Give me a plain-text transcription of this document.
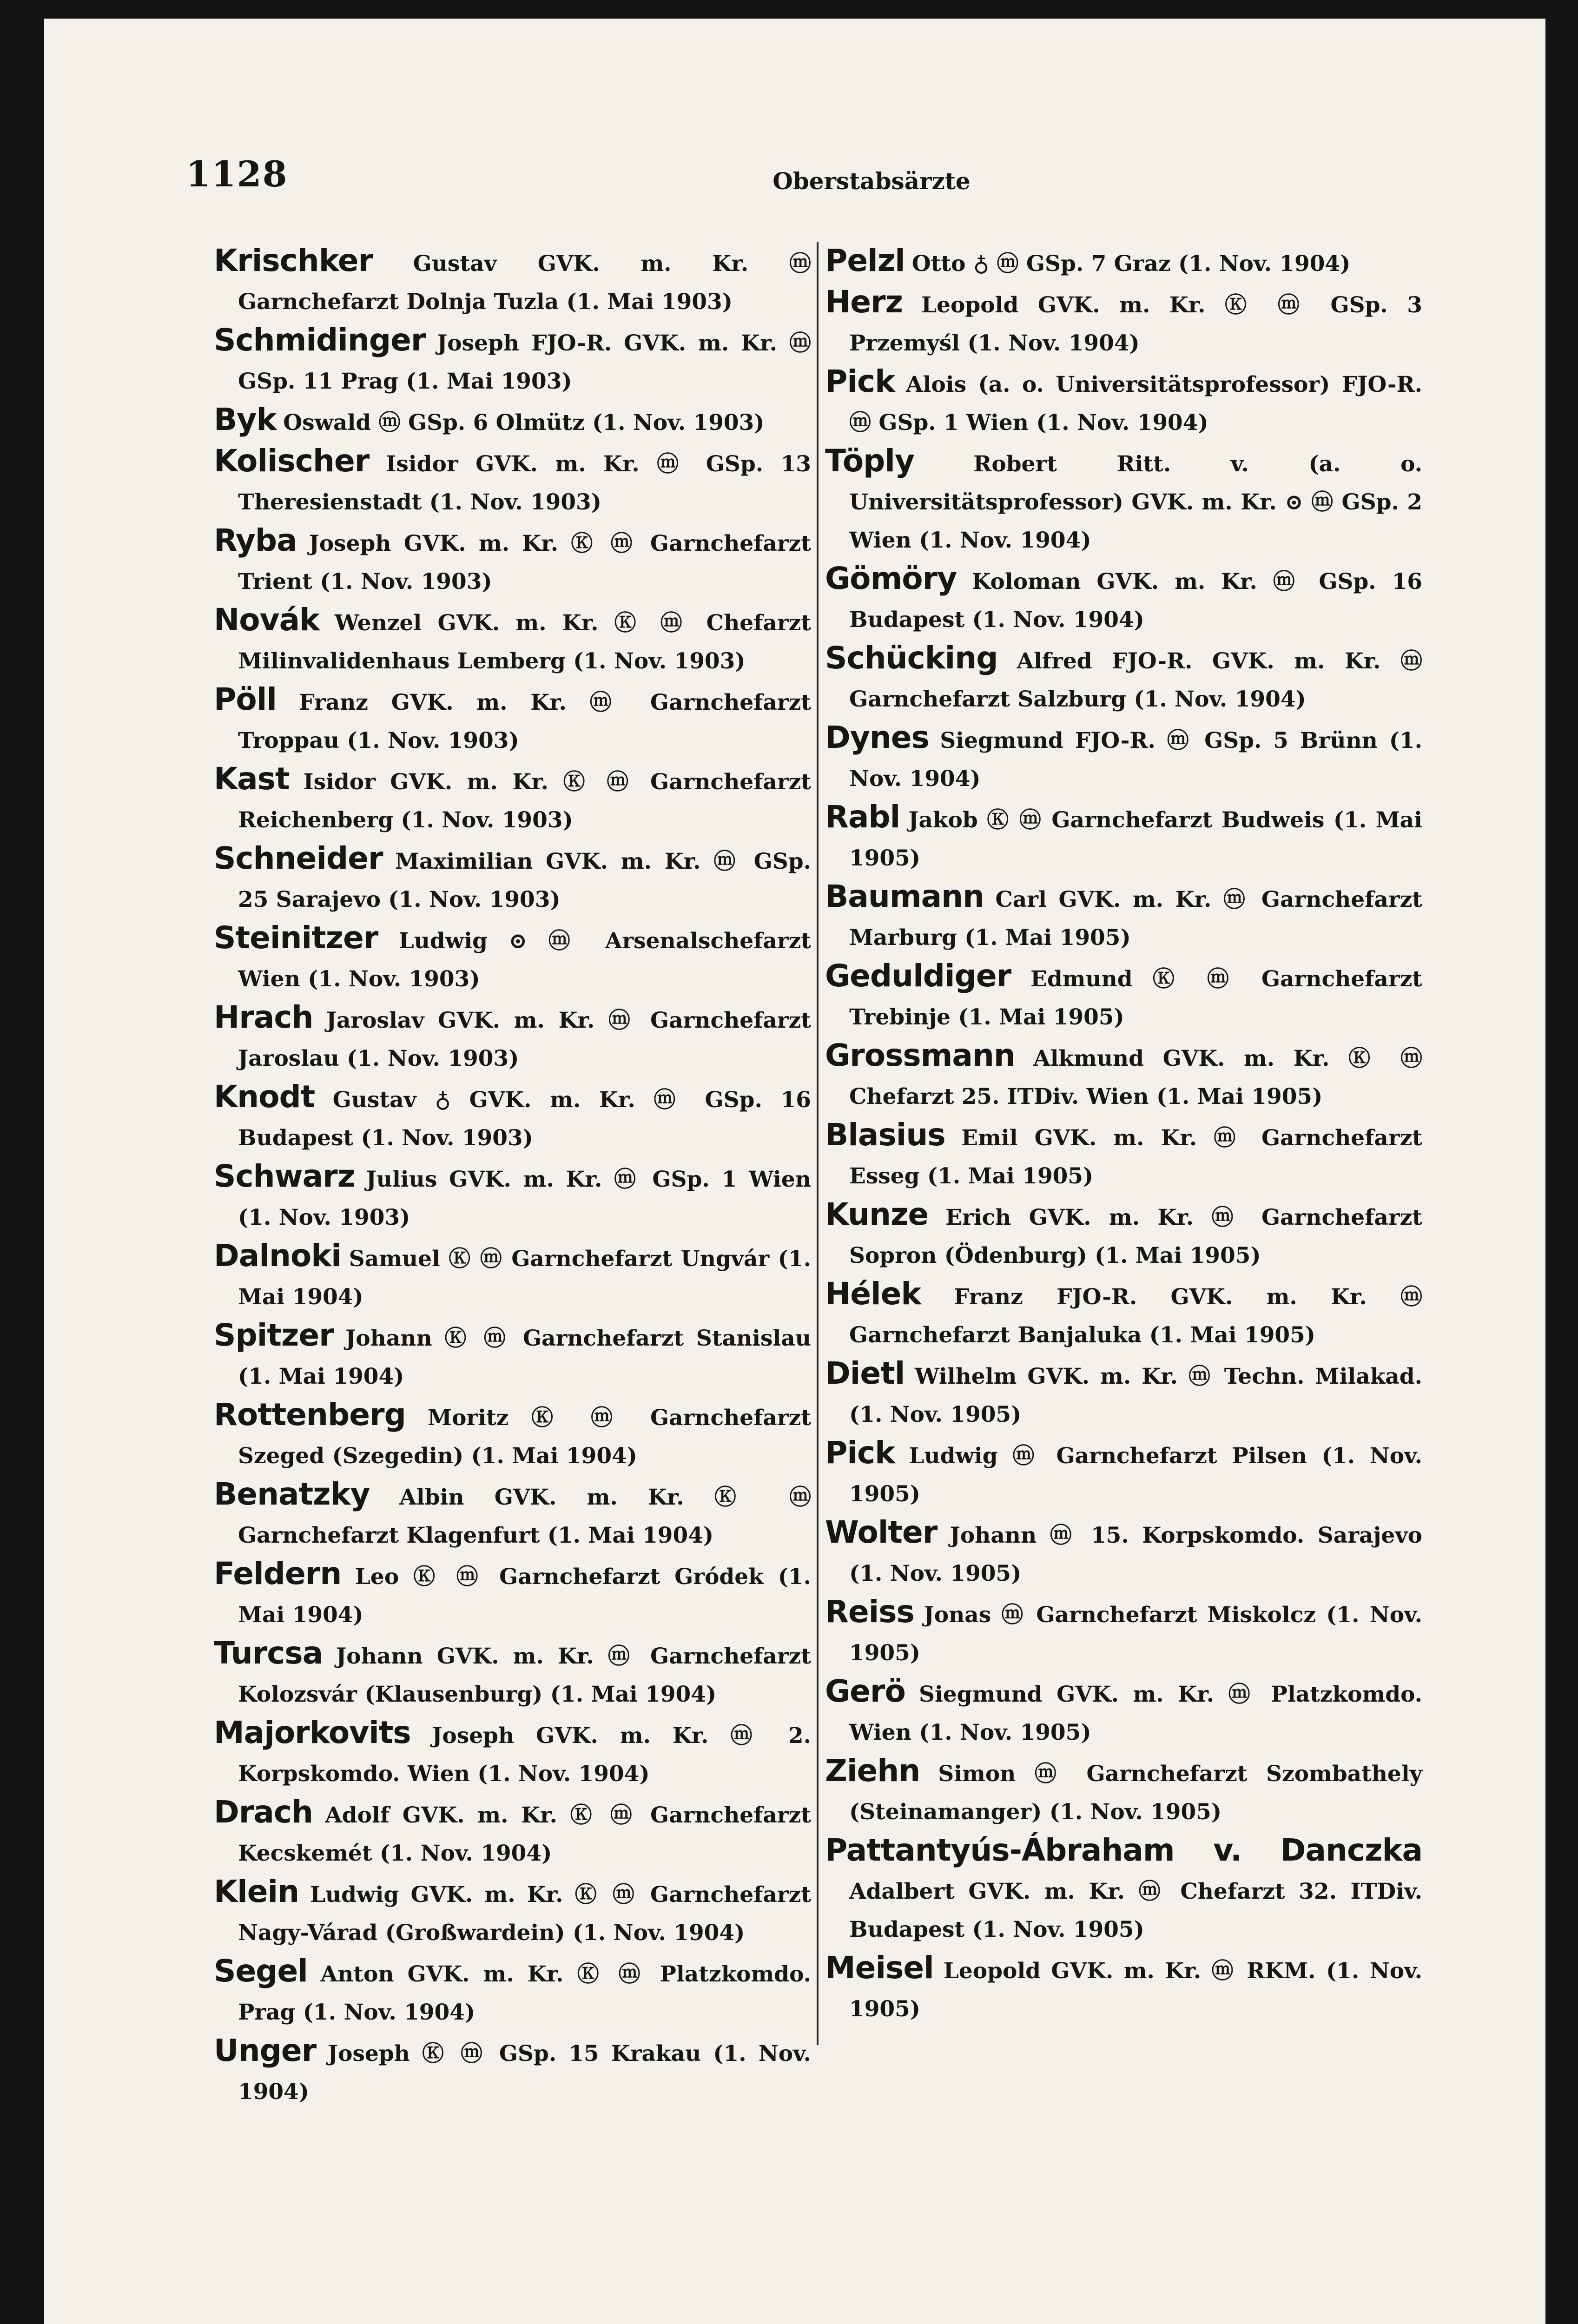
1128	Oberstabsärzte

Krischker Gustav GVK. m. Kr. ⓜ Garnchefarzt Dolnja Tuzla (1. Mai 1903)

Schmidinger Joseph FJO-R. GVK. m. Kr. ⓜ GSp. 11 Prag (1. Mai 1903)

Byk Oswald ⓜ GSp. 6 Olmütz (1. Nov. 1903)

Kolischer Isidor GVK. m. Kr. ⓜ GSp. 13 Theresienstadt (1. Nov. 1903)

Ryba Joseph GVK. m. Kr. Ⓚ ⓜ Garnchefarzt Trient (1. Nov. 1903)

Novák Wenzel GVK. m. Kr. Ⓚ ⓜ Chefarzt Milinvalidenhaus Lemberg (1. Nov. 1903)

Pöll Franz GVK. m. Kr. ⓜ Garnchefarzt Troppau (1. Nov. 1903)

Kast Isidor GVK. m. Kr. Ⓚ ⓜ Garnchefarzt Reichenberg (1. Nov. 1903)

Schneider Maximilian GVK. m. Kr. ⓜ GSp. 25 Sarajevo (1. Nov. 1903)

Steinitzer Ludwig ⊙ ⓜ Arsenalschefarzt Wien (1. Nov. 1903)

Hrach Jaroslav GVK. m. Kr. ⓜ Garnchefarzt Jaroslau (1. Nov. 1903)

Knodt Gustav ♁ GVK. m. Kr. ⓜ GSp. 16 Budapest (1. Nov. 1903)

Schwarz Julius GVK. m. Kr. ⓜ GSp. 1 Wien (1. Nov. 1903)

Dalnoki Samuel Ⓚ ⓜ Garnchefarzt Ungvár (1. Mai 1904)

Spitzer Johann Ⓚ ⓜ Garnchefarzt Stanislau (1. Mai 1904)

Rottenberg Moritz Ⓚ ⓜ Garnchefarzt Szeged (Szegedin) (1. Mai 1904)

Benatzky Albin GVK. m. Kr. Ⓚ ⓜ Garnchefarzt Klagenfurt (1. Mai 1904)

Feldern Leo Ⓚ ⓜ Garnchefarzt Gródek (1. Mai 1904)

Turcsa Johann GVK. m. Kr. ⓜ Garnchefarzt Kolozsvár (Klausenburg) (1. Mai 1904)

Majorkovits Joseph GVK. m. Kr. ⓜ 2. Korpskomdo. Wien (1. Nov. 1904)

Drach Adolf GVK. m. Kr. Ⓚ ⓜ Garnchefarzt Kecskemét (1. Nov. 1904)

Klein Ludwig GVK. m. Kr. Ⓚ ⓜ Garnchefarzt Nagy-Várad (Großwardein) (1. Nov. 1904)

Segel Anton GVK. m. Kr. Ⓚ ⓜ Platzkomdo. Prag (1. Nov. 1904)

Unger Joseph Ⓚ ⓜ GSp. 15 Krakau (1. Nov. 1904)

Pelzl Otto ♁ ⓜ GSp. 7 Graz (1. Nov. 1904)

Herz Leopold GVK. m. Kr. Ⓚ ⓜ GSp. 3 Przemyśl (1. Nov. 1904)

Pick Alois (a. o. Universitätsprofessor) FJO-R. ⓜ GSp. 1 Wien (1. Nov. 1904)

Töply	Robert Ritt. v. (a. o. Universitätsprofessor) GVK. m. Kr. ⊙ ⓜ GSp. 2 Wien (1. Nov. 1904)

Gömöry Koloman GVK. m. Kr. ⓜ GSp. 16 Budapest (1. Nov. 1904)

Schücking Alfred FJO-R. GVK. m. Kr. ⓜ Garnchefarzt Salzburg (1. Nov. 1904)

Dynes Siegmund FJO-R. ⓜ GSp. 5 Brünn (1. Nov. 1904)

Rabl Jakob Ⓚ ⓜ Garnchefarzt Budweis (1. Mai 1905)

Baumann Carl GVK. m. Kr. ⓜ Garnchefarzt Marburg (1. Mai 1905)

Geduldiger Edmund Ⓚ ⓜ Garnchefarzt Trebinje (1. Mai 1905)

Grossmann Alkmund GVK. m. Kr. Ⓚ ⓜ Chefarzt 25. ITDiv. Wien (1. Mai 1905)

Blasius Emil GVK. m. Kr. ⓜ Garnchefarzt Esseg (1. Mai 1905)

Kunze Erich GVK. m. Kr. ⓜ Garnchefarzt Sopron (Ödenburg) (1. Mai 1905)

Hélek Franz FJO-R. GVK. m. Kr. ⓜ Garnchefarzt Banjaluka (1. Mai 1905)

Dietl Wilhelm GVK. m. Kr. ⓜ Techn. Milakad. (1. Nov. 1905)

Pick Ludwig ⓜ Garnchefarzt Pilsen (1. Nov. 1905)

Wolter Johann ⓜ 15. Korpskomdo. Sarajevo (1. Nov. 1905)

Reiss Jonas ⓜ Garnchefarzt Miskolcz (1. Nov. 1905)

Gerö Siegmund GVK. m. Kr. ⓜ Platzkomdo. Wien (1. Nov. 1905)

Ziehn Simon ⓜ Garnchefarzt Szombathely (Steinamanger) (1. Nov. 1905)

Pattantyús-Ábraham v. Danczka Adalbert GVK. m. Kr. ⓜ Chefarzt 32. ITDiv. Budapest (1. Nov. 1905)

Meisel Leopold GVK. m. Kr. ⓜ RKM. (1. Nov. 1905)
